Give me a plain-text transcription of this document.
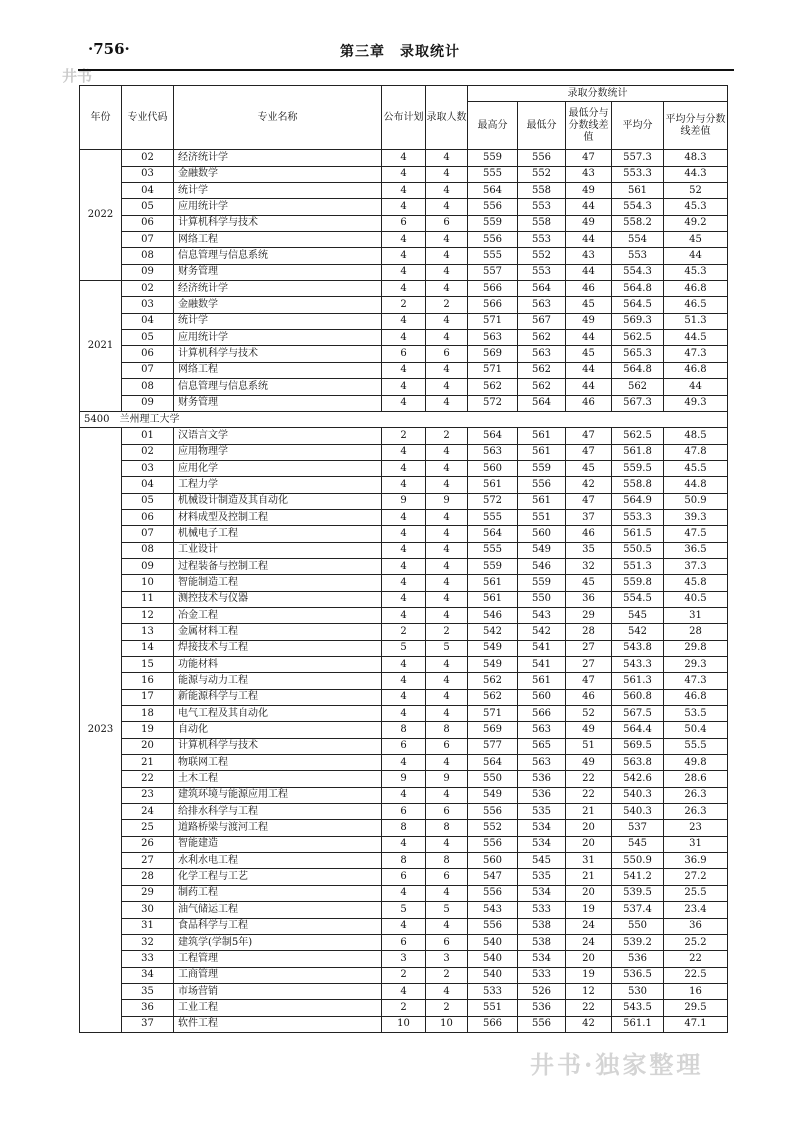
·756·	第三章　录取统计
井书
年份	专业代码	专业名称	公布计划	录取人数	录取分数统计				
					最高分	最低分	最低分与分数线差值	平均分	平均分与分数线差值
2022	02	经济统计学	4	4	559	556	47	557.3	48.3
	03	金融数学	4	4	555	552	43	553.3	44.3
	04	统计学	4	4	564	558	49	561	52
	05	应用统计学	4	4	556	553	44	554.3	45.3
	06	计算机科学与技术	6	6	559	558	49	558.2	49.2
	07	网络工程	4	4	556	553	44	554	45
	08	信息管理与信息系统	4	4	555	552	43	553	44
	09	财务管理	4	4	557	553	44	554.3	45.3
2021	02	经济统计学	4	4	566	564	46	564.8	46.8
	03	金融数学	2	2	566	563	45	564.5	46.5
	04	统计学	4	4	571	567	49	569.3	51.3
	05	应用统计学	4	4	563	562	44	562.5	44.5
	06	计算机科学与技术	6	6	569	563	45	565.3	47.3
	07	网络工程	4	4	571	562	44	564.8	46.8
	08	信息管理与信息系统	4	4	562	562	44	562	44
	09	财务管理	4	4	572	564	46	567.3	49.3
5400　兰州理工大学									
2023	01	汉语言文学	2	2	564	561	47	562.5	48.5
	02	应用物理学	4	4	563	561	47	561.8	47.8
	03	应用化学	4	4	560	559	45	559.5	45.5
	04	工程力学	4	4	561	556	42	558.8	44.8
	05	机械设计制造及其自动化	9	9	572	561	47	564.9	50.9
	06	材料成型及控制工程	4	4	555	551	37	553.3	39.3
	07	机械电子工程	4	4	564	560	46	561.5	47.5
	08	工业设计	4	4	555	549	35	550.5	36.5
	09	过程装备与控制工程	4	4	559	546	32	551.3	37.3
	10	智能制造工程	4	4	561	559	45	559.8	45.8
	11	测控技术与仪器	4	4	561	550	36	554.5	40.5
	12	冶金工程	4	4	546	543	29	545	31
	13	金属材料工程	2	2	542	542	28	542	28
	14	焊接技术与工程	5	5	549	541	27	543.8	29.8
	15	功能材料	4	4	549	541	27	543.3	29.3
	16	能源与动力工程	4	4	562	561	47	561.3	47.3
	17	新能源科学与工程	4	4	562	560	46	560.8	46.8
	18	电气工程及其自动化	4	4	571	566	52	567.5	53.5
	19	自动化	8	8	569	563	49	564.4	50.4
	20	计算机科学与技术	6	6	577	565	51	569.5	55.5
	21	物联网工程	4	4	564	563	49	563.8	49.8
	22	土木工程	9	9	550	536	22	542.6	28.6
	23	建筑环境与能源应用工程	4	4	549	536	22	540.3	26.3
	24	给排水科学与工程	6	6	556	535	21	540.3	26.3
	25	道路桥梁与渡河工程	8	8	552	534	20	537	23
	26	智能建造	4	4	556	534	20	545	31
	27	水利水电工程	8	8	560	545	31	550.9	36.9
	28	化学工程与工艺	6	6	547	535	21	541.2	27.2
	29	制药工程	4	4	556	534	20	539.5	25.5
	30	油气储运工程	5	5	543	533	19	537.4	23.4
	31	食品科学与工程	4	4	556	538	24	550	36
	32	建筑学(学制5年)	6	6	540	538	24	539.2	25.2
	33	工程管理	3	3	540	534	20	536	22
	34	工商管理	2	2	540	533	19	536.5	22.5
	35	市场营销	4	4	533	526	12	530	16
	36	工业工程	2	2	551	536	22	543.5	29.5
	37	软件工程	10	10	566	556	42	561.1	47.1
井书·独家整理
